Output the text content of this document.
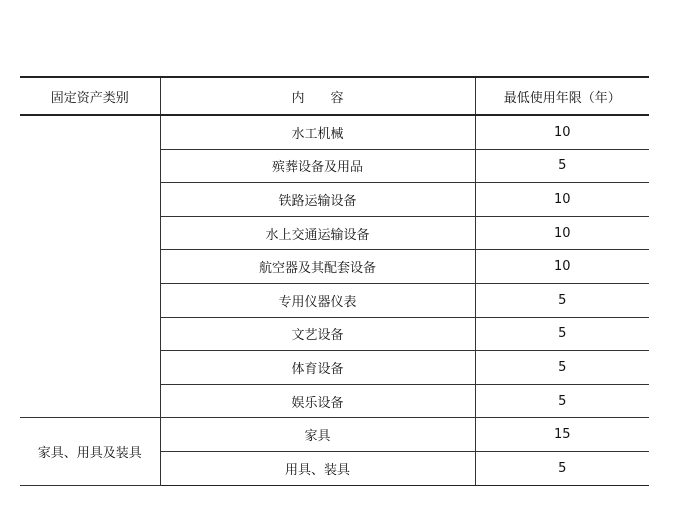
固定资产类别	内　　容	最低使用年限（年）
	水工机械	10
	殡葬设备及用品	5
	铁路运输设备	10
	水上交通运输设备	10
	航空器及其配套设备	10
	专用仪器仪表	5
	文艺设备	5
	体育设备	5
	娱乐设备	5
家具、用具及装具	家具	15
	用具、装具	5
